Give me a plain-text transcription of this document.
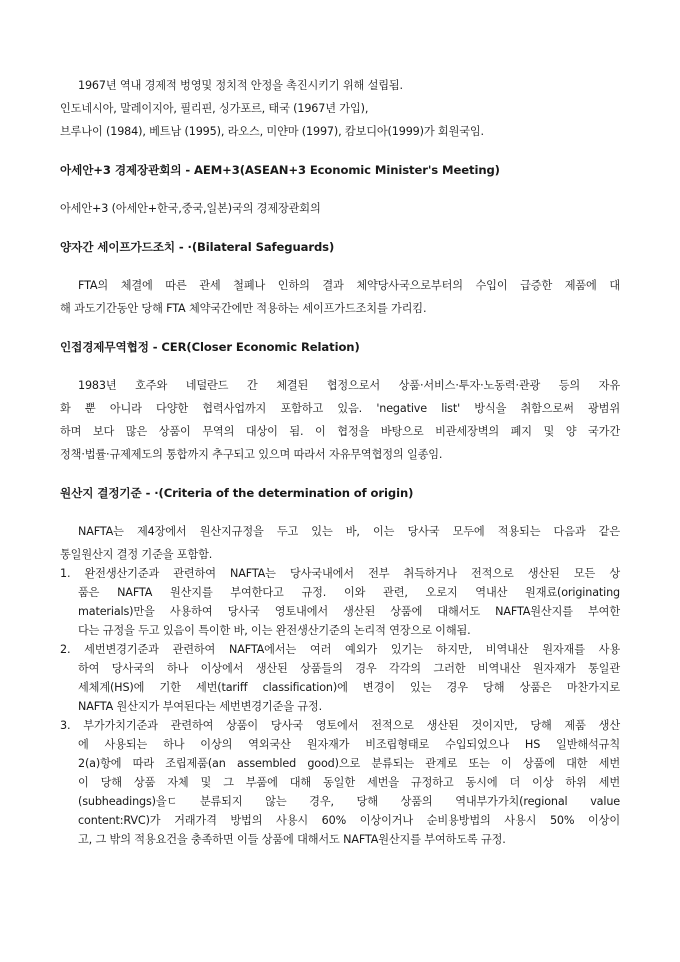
1967년 역내 경제적 벙영및 정치적 안정을 촉진시키기 위해 설립됨.
인도네시아, 말레이지아, 필리핀, 싱가포르, 태국 (1967년 가입),
브루나이 (1984), 베트남 (1995), 라오스, 미얀마 (1997), 캄보디아(1999)가 회원국임.
아세안+3 경제장관회의 - AEM+3(ASEAN+3 Economic Minister's Meeting)
아세안+3 (아세안+한국,중국,일본)국의 경제장관회의
양자간 세이프가드조치 - ·(Bilateral Safeguards)
FTA의 체결에 따른 관세 철폐나 인하의 결과 체약당사국으로부터의 수입이 급증한 제품에 대
해 과도기간동안 당해 FTA 체약국간에만 적용하는 세이프가드조치를 가리킴.
인접경제무역협정 - CER(Closer Economic Relation)
1983년 호주와 네덜란드 간 체결된 협정으로서 상품·서비스·투자·노동력·관광 등의 자유
화 뿐 아니라 다양한 협력사업까지 포함하고 있음. 'negative list' 방식을 취함으로써 광범위
하며 보다 많은 상품이 무역의 대상이 됨. 이 협정을 바탕으로 비관세장벽의 폐지 및 양 국가간
정책·법률·규제제도의 통합까지 추구되고 있으며 따라서 자유무역협정의 일종임.
원산지 결정기준 - ·(Criteria of the determination of origin)
NAFTA는 제4장에서 원산지규정을 두고 있는 바, 이는 당사국 모두에 적용되는 다음과 같은
통일원산지 결정 기준을 포함함.
1. 완전생산기준과 관련하여 NAFTA는 당사국내에서 전부 취득하거나 전적으로 생산된 모든 상
품은 NAFTA 원산지를 부여한다고 규정. 이와 관련, 오로지 역내산 원재료(originating
materials)만을 사용하여 당사국 영토내에서 생산된 상품에 대해서도 NAFTA원산지를 부여한
다는 규정을 두고 있음이 특이한 바, 이는 완전생산기준의 논리적 연장으로 이해됨.
2. 세번변경기준과 관련하여 NAFTA에서는 여러 예외가 있기는 하지만, 비역내산 원자재를 사용
하여 당사국의 하나 이상에서 생산된 상품들의 경우 각각의 그러한 비역내산 원자재가 통일관
세체계(HS)에 기한 세번(tariff classification)에 변경이 있는 경우 당해 상품은 마찬가지로
NAFTA 원산지가 부여된다는 세번변경기준을 규정.
3. 부가가치기준과 관련하여 상품이 당사국 영토에서 전적으로 생산된 것이지만, 당해 제품 생산
에 사용되는 하나 이상의 역외국산 원자재가 비조립형태로 수입되었으나 HS 일반해석규칙
2(a)항에 따라 조립제품(an assembled good)으로 분류되는 관계로 또는 이 상품에 대한 세번
이 당해 상품 자체 및 그 부품에 대해 동일한 세번을 규정하고 동시에 더 이상 하위 세번
(subheadings)을ㄷ 분류되지 않는 경우, 당해 상품의 역내부가가치(regional value
content:RVC)가 거래가격 방법의 사용시 60% 이상이거나 순비용방법의 사용시 50% 이상이
고, 그 밖의 적용요건을 충족하면 이들 상품에 대해서도 NAFTA원산지를 부여하도록 규정.
